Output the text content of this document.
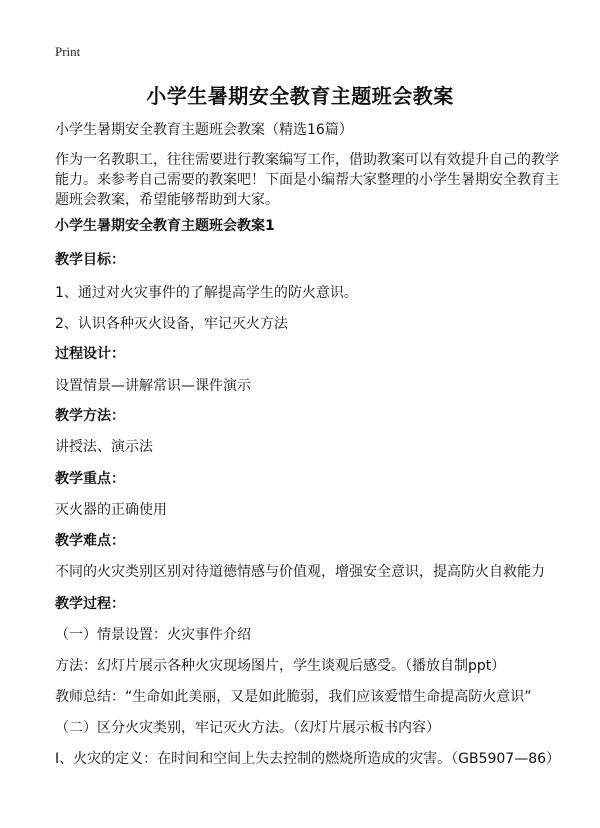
Print
小学生暑期安全教育主题班会教案
小学生暑期安全教育主题班会教案（精选16篇）
作为一名教职工，往往需要进行教案编写工作，借助教案可以有效提升自己的教学
能力。来参考自己需要的教案吧！下面是小编帮大家整理的小学生暑期安全教育主
题班会教案，希望能够帮助到大家。
小学生暑期安全教育主题班会教案1
教学目标：
1、通过对火灾事件的了解提高学生的防火意识。
2、认识各种灭火设备，牢记灭火方法
过程设计：
设置情景—讲解常识—课件演示
教学方法：
讲授法、演示法
教学重点：
灭火器的正确使用
教学难点：
不同的火灾类别区别对待道德情感与价值观，增强安全意识，提高防火自救能力
教学过程：
（一）情景设置：火灾事件介绍
方法：幻灯片展示各种火灾现场图片，学生谈观后感受。（播放自制ppt）
教师总结：“生命如此美丽，又是如此脆弱，我们应该爱惜生命提高防火意识”
（二）区分火灾类别，牢记灭火方法。（幻灯片展示板书内容）
I、火灾的定义：在时间和空间上失去控制的燃烧所造成的灾害。（GB5907—86）
